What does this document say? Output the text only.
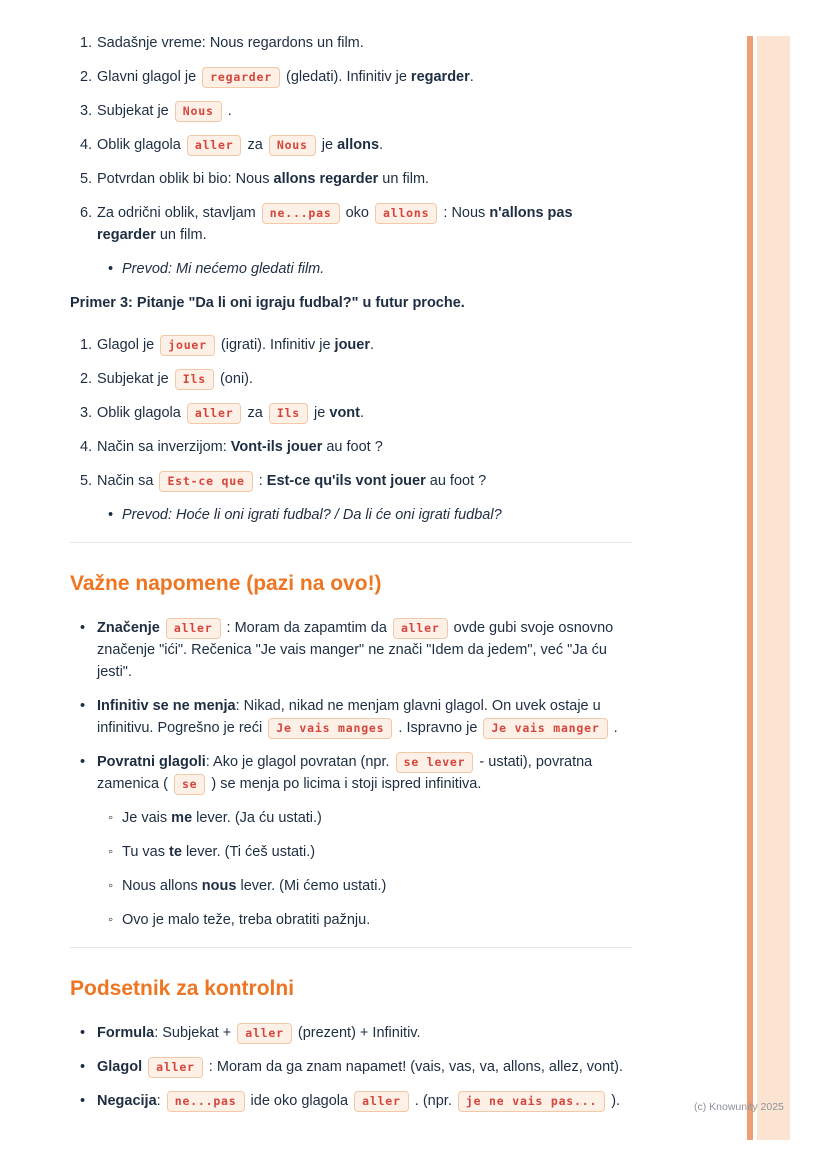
1. Sadašnje vreme: Nous regardons un film.
2. Glavni glagol je regarder (gledati). Infinitiv je regarder.
3. Subjekat je Nous .
4. Oblik glagola aller za Nous je allons.
5. Potvrdan oblik bi bio: Nous allons regarder un film.
6. Za odrični oblik, stavljam ne...pas oko allons : Nous n'allons pas regarder un film.
• Prevod: Mi nećemo gledati film.

Primer 3: Pitanje "Da li oni igraju fudbal?" u futur proche.

1. Glagol je jouer (igrati). Infinitiv je jouer.
2. Subjekat je Ils (oni).
3. Oblik glagola aller za Ils je vont.
4. Način sa inverzijom: Vont-ils jouer au foot ?
5. Način sa Est-ce que : Est-ce qu'ils vont jouer au foot ?
• Prevod: Hoće li oni igrati fudbal? / Da li će oni igrati fudbal?
Važne napomene (pazi na ovo!)
• Značenje aller : Moram da zapamtim da aller ovde gubi svoje osnovno značenje "ići". Rečenica "Je vais manger" ne znači "Idem da jedem", već "Ja ću jesti".
• Infinitiv se ne menja: Nikad, nikad ne menjam glavni glagol. On uvek ostaje u infinitivu. Pogrešno je reći Je vais manges . Ispravno je Je vais manger .
• Povratni glagoli: Ako je glagol povratan (npr. se lever - ustati), povratna zamenica ( se ) se menja po licima i stoji ispred infinitiva.
◦ Je vais me lever. (Ja ću ustati.)
◦ Tu vas te lever. (Ti ćeš ustati.)
◦ Nous allons nous lever. (Mi ćemo ustati.)
◦ Ovo je malo teže, treba obratiti pažnju.
Podsetnik za kontrolni
• Formula: Subjekat + aller (prezent) + Infinitiv.
• Glagol aller : Moram da ga znam napamet! (vais, vas, va, allons, allez, vont).
• Negacija: ne...pas ide oko glagola aller . (npr. je ne vais pas... ).	(c) Knowunity 2025
